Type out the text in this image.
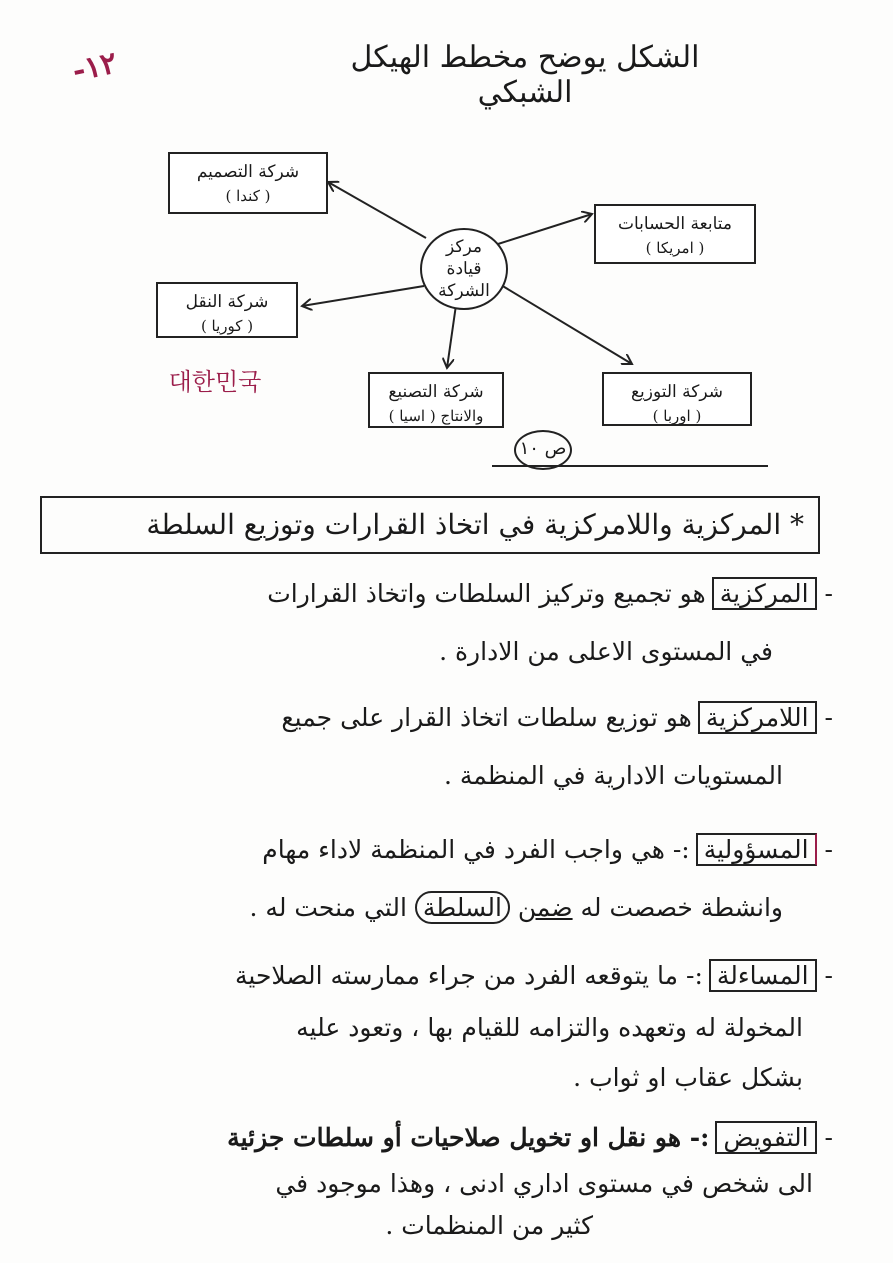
-١٢	الشكل يوضح مخطط الهيكل الشبكي
مركز
قيادة الشركة
شركة التصميم
( كندا )
متابعة الحسابات
( امريكا )
شركة النقل
( كوريا )
شركة التصنيع
والانتاج ( اسيا )
شركة التوزيع
( اوربا )
대한민국
ص ١٠
* المركزية واللامركزية في اتخاذ القرارات وتوزيع السلطة
- المركزيةهو تجميع وتركيز السلطات واتخاذ القرارات
في المستوى الاعلى من الادارة .
- اللامركزيةهو توزيع سلطات اتخاذ القرار على جميع
المستويات الادارية في المنظمة .
- المسؤولية:- هي واجب الفرد في المنظمة لاداء مهام
وانشطة خصصت له ضمن السلطة التي منحت له .
- المساءلة:- ما يتوقعه الفرد من جراء ممارسته الصلاحية
المخولة له وتعهده والتزامه للقيام بها ، وتعود عليه
بشكل عقاب او ثواب .
- التفويض:- هو نقل او تخويل صلاحيات أو سلطات جزئية
الى شخص في مستوى اداري ادنى ، وهذا موجود في
كثير من المنظمات .
